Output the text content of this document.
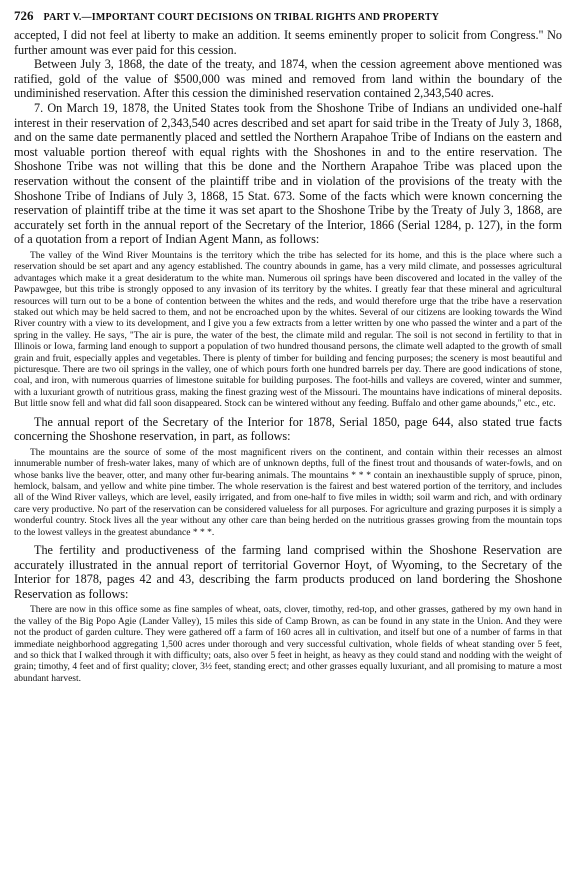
726 PART V.—IMPORTANT COURT DECISIONS ON TRIBAL RIGHTS AND PROPERTY

accepted, I did not feel at liberty to make an addition. It seems eminently proper to solicit from Congress." No further amount was ever paid for this cession.

Between July 3, 1868, the date of the treaty, and 1874, when the cession agreement above mentioned was ratified, gold of the value of $500,000 was mined and removed from land within the boundary of the undiminished reservation. After this cession the diminished reservation contained 2,343,540 acres.

7. On March 19, 1878, the United States took from the Shoshone Tribe of Indians an undivided one-half interest in their reservation of 2,343,540 acres described and set apart for said tribe in the Treaty of July 3, 1868, and on the same date permanently placed and settled the Northern Arapahoe Tribe of Indians on the eastern and most valuable portion thereof with equal rights with the Shoshones in and to the entire reservation. The Shoshone Tribe was not willing that this be done and the Northern Arapahoe Tribe was placed upon the reservation without the consent of the plaintiff tribe and in violation of the provisions of the treaty with the Shoshone Tribe of Indians of July 3, 1868, 15 Stat. 673. Some of the facts which were known concerning the reservation of plaintiff tribe at the time it was set apart to the Shoshone Tribe by the Treaty of July 3, 1868, are accurately set forth in the annual report of the Secretary of the Interior, 1866 (Serial 1284, p. 127), in the form of a quotation from a report of Indian Agent Mann, as follows:

The valley of the Wind River Mountains is the territory which the tribe has selected for its home, and this is the place where such a reservation should be set apart and any agency established. The country abounds in game, has a very mild climate, and possesses agricultural advantages which make it a great desideratum to the white man. Numerous oil springs have been discovered and located in the valley of the Pawpawgee, but this tribe is strongly opposed to any invasion of its territory by the whites. I greatly fear that these mineral and agricultural resources will turn out to be a bone of contention between the whites and the reds, and would therefore urge that the tribe have a reservation staked out which may be held sacred to them, and not be encroached upon by the whites. Several of our citizens are looking towards the Wind River country with a view to its development, and I give you a few extracts from a letter written by one who passed the winter and a part of the spring in the valley. He says, "The air is pure, the water of the best, the climate mild and regular. The soil is not second in fertility to that in Illinois or Iowa, farming land enough to support a population of two hundred thousand persons, the climate well adapted to the growth of small grain and fruit, especially apples and vegetables. There is plenty of timber for building and fencing purposes; the scenery is most beautiful and picturesque. There are two oil springs in the valley, one of which pours forth one hundred barrels per day. There are good indications of stone, coal, and iron, with numerous quarries of limestone suitable for building purposes. The foot-hills and valleys are covered, winter and summer, with a luxuriant growth of nutritious grass, making the finest grazing west of the Missouri. The mountains have indications of mineral deposits. But little snow fell and what did fall soon disappeared. Stock can be wintered without any feeding. Buffalo and other game abounds," etc., etc.

The annual report of the Secretary of the Interior for 1878, Serial 1850, page 644, also stated true facts concerning the Shoshone reservation, in part, as follows:

The mountains are the source of some of the most magnificent rivers on the continent, and contain within their recesses an almost innumerable number of fresh-water lakes, many of which are of unknown depths, full of the finest trout and thousands of water-fowls, and on whose banks live the beaver, otter, and many other fur-bearing animals. The mountains * * * contain an inexhaustible supply of spruce, pinon, hemlock, balsam, and yellow and white pine timber. The whole reservation is the fairest and best watered portion of the territory, and includes all of the Wind River valleys, which are level, easily irrigated, and from one-half to five miles in width; soil warm and rich, and with ordinary care very productive. No part of the reservation can be considered valueless for all purposes. For agriculture and grazing purposes it is simply a wonderful country. Stock lives all the year without any other care than being herded on the nutritious grasses growing from the mountain tops to the lowest valleys in the greatest abundance * * *.

The fertility and productiveness of the farming land comprised within the Shoshone Reservation are accurately illustrated in the annual report of territorial Governor Hoyt, of Wyoming, to the Secretary of the Interior for 1878, pages 42 and 43, describing the farm products produced on land bordering the Shoshone Reservation as follows:

There are now in this office some as fine samples of wheat, oats, clover, timothy, red-top, and other grasses, gathered by my own hand in the valley of the Big Popo Agie (Lander Valley), 15 miles this side of Camp Brown, as can be found in any state in the Union. And they were not the product of garden culture. They were gathered off a farm of 160 acres all in cultivation, and itself but one of a number of farms in that immediate neighborhood aggregating 1,500 acres under thorough and very successful cultivation, whole fields of wheat standing over 5 feet, and so thick that I walked through it with difficulty; oats, also over 5 feet in height, as heavy as they could stand and nodding with the weight of grain; timothy, 4 feet and of first quality; clover, 3½ feet, standing erect; and other grasses equally luxuriant, and all promising to mature a most abundant harvest.
